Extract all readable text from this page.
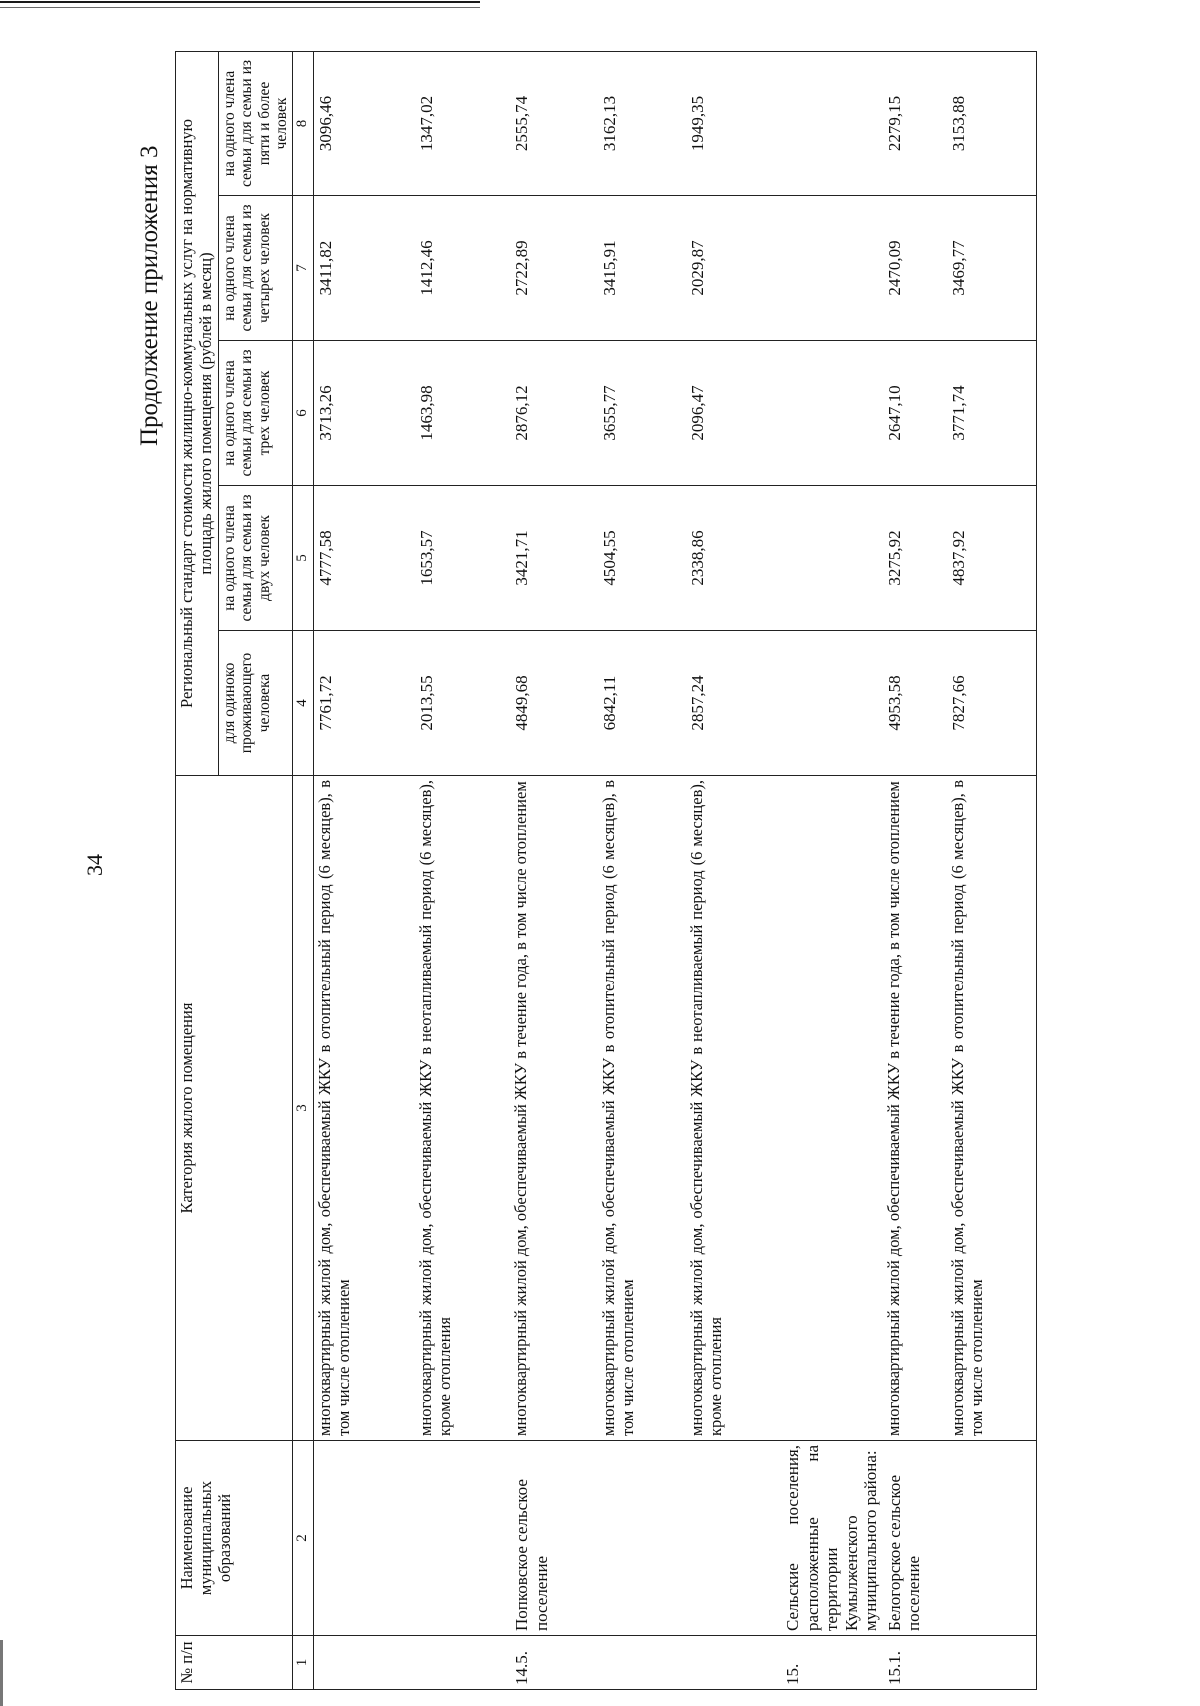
34
Продолжение приложения 3
№ п/п	Наименование муниципальных образований	Категория жилого помещения	Региональный стандарт стоимости жилищно-коммунальных услуг на нормативную площадь жилого помещения (рублей в месяц)				
			для одиноко проживающего человека	на одного члена семьи для семьи из двух человек	на одного члена семьи для семьи из трех человек	на одного члена семьи для семьи из четырех человек	на одного члена семьи для семьи из пяти и более человек
1	2	3	4	5	6	7	8
		многоквартирный жилой дом, обеспечиваемый ЖКУ в отопительный период (6 месяцев), в том числе отоплением	7761,72	4777,58	3713,26	3411,82	3096,46
		многоквартирный жилой дом, обеспечиваемый ЖКУ в неотапливаемый период (6 месяцев), кроме отопления	2013,55	1653,57	1463,98	1412,46	1347,02
14.5.	Попковское сельское поселение	многоквартирный жилой дом, обеспечиваемый ЖКУ в течение года, в том числе отоплением	4849,68	3421,71	2876,12	2722,89	2555,74
		многоквартирный жилой дом, обеспечиваемый ЖКУ в отопительный период (6 месяцев), в том числе отоплением	6842,11	4504,55	3655,77	3415,91	3162,13
		многоквартирный жилой дом, обеспечиваемый ЖКУ в неотапливаемый период (6 месяцев), кроме отопления	2857,24	2338,86	2096,47	2029,87	1949,35
15.	Сельские поселения, расположенные на территории Кумылженского муниципального района:						
15.1.	Белогорское сельское поселение	многоквартирный жилой дом, обеспечиваемый ЖКУ в течение года, в том числе отоплением	4953,58	3275,92	2647,10	2470,09	2279,15
		многоквартирный жилой дом, обеспечиваемый ЖКУ в отопительный период (6 месяцев), в том числе отоплением	7827,66	4837,92	3771,74	3469,77	3153,88
